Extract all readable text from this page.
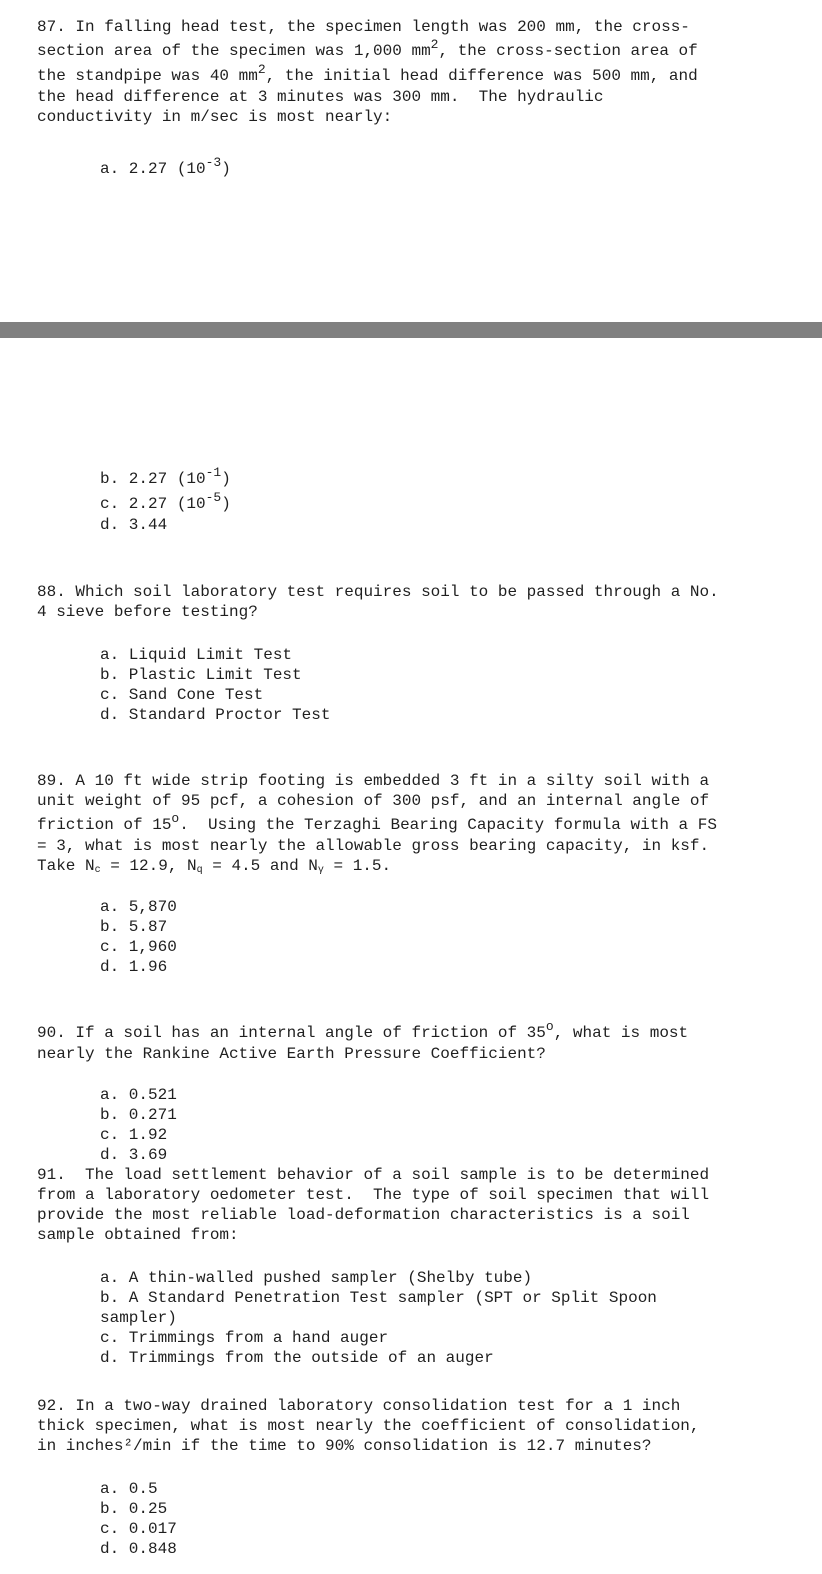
87. In falling head test, the specimen length was 200 mm, the cross-
section area of the specimen was 1,000 $mm^2$, the cross-section area of
the standpipe was 40 $mm^2$, the initial head difference was 500 mm, and
the head difference at 3 minutes was 300 mm.  The hydraulic
conductivity in m/sec is most nearly:
a. 2.27 $(10^{-3})$
b. 2.27 $(10^{-1})$
c. 2.27 $(10^{-5})$
d. 3.44
88. Which soil laboratory test requires soil to be passed through a No.
4 sieve before testing?
a. Liquid Limit Test
b. Plastic Limit Test
c. Sand Cone Test
d. Standard Proctor Test
89. A 10 ft wide strip footing is embedded 3 ft in a silty soil with a
unit weight of 95 pcf, a cohesion of 300 psf, and an internal angle of
friction of 15$^o$.  Using the Terzaghi Bearing Capacity formula with a FS
= 3, what is most nearly the allowable gross bearing capacity, in ksf.
Take $N_c = 12.9$, $N_q = 4.5$ and $N_\gamma = 1.5$.
a. 5,870
b. 5.87
c. 1,960
d. 1.96
90. If a soil has an internal angle of friction of 35$^o$, what is most
nearly the Rankine Active Earth Pressure Coefficient?
a. 0.521
b. 0.271
c. 1.92
d. 3.69
91.  The load settlement behavior of a soil sample is to be determined
from a laboratory oedometer test.  The type of soil specimen that will
provide the most reliable load-deformation characteristics is a soil
sample obtained from:
a. A thin-walled pushed sampler (Shelby tube)
b. A Standard Penetration Test sampler (SPT or Split Spoon
sampler)
c. Trimmings from a hand auger
d. Trimmings from the outside of an auger
92. In a two-way drained laboratory consolidation test for a 1 inch
thick specimen, what is most nearly the coefficient of consolidation,
in inches²/min if the time to 90% consolidation is 12.7 minutes?
a. 0.5
b. 0.25
c. 0.017
d. 0.848
